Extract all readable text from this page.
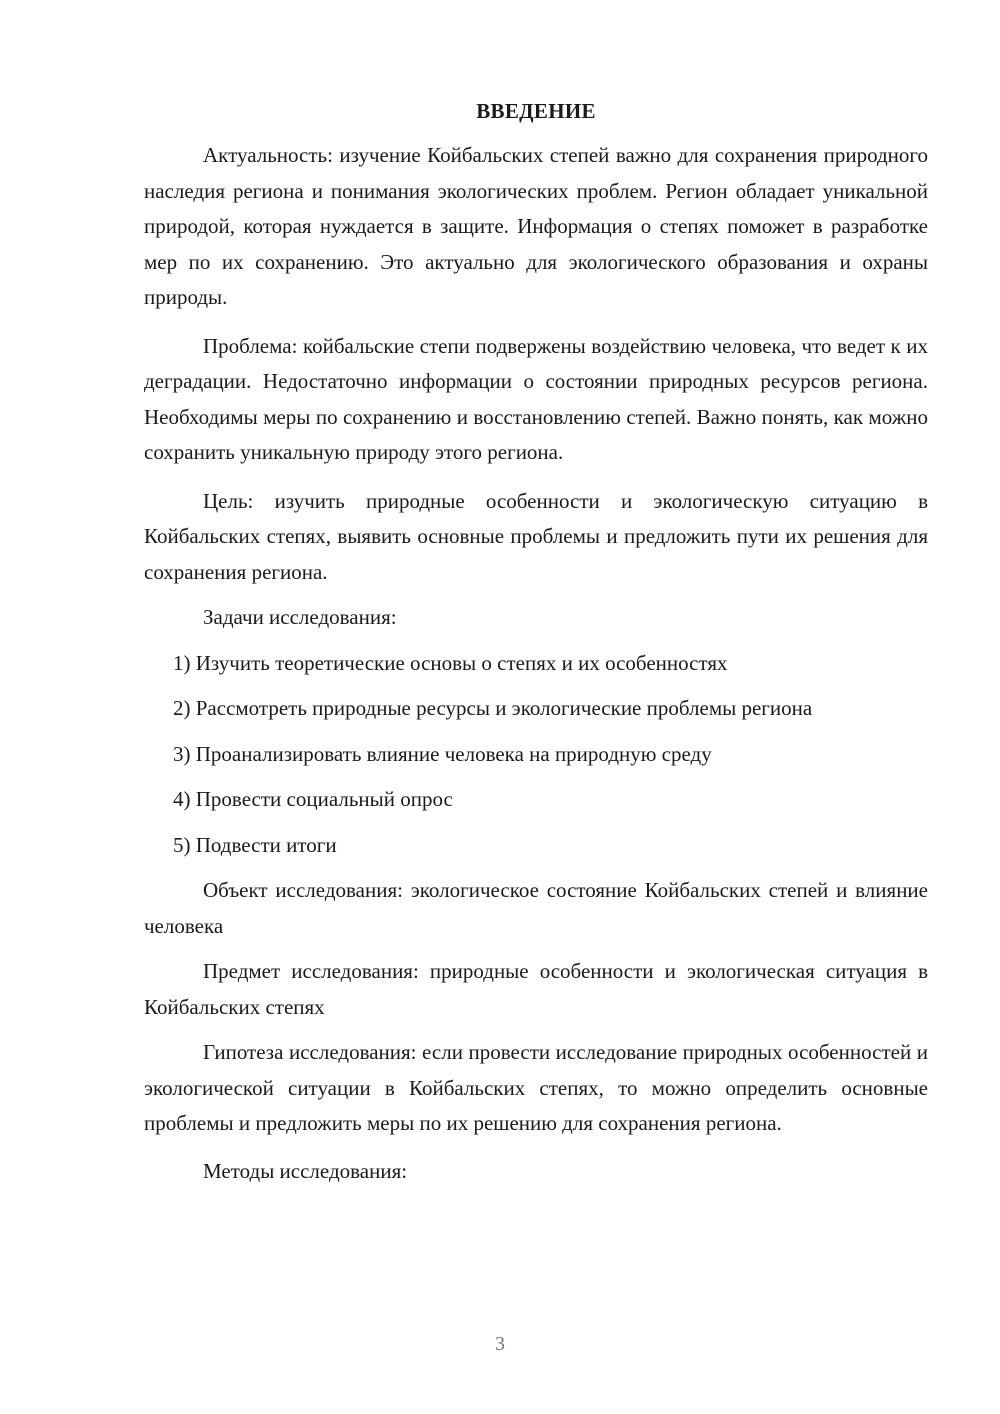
ВВЕДЕНИЕ

Актуальность: изучение Койбальских степей важно для сохранения природного наследия региона и понимания экологических проблем. Регион обладает уникальной природой, которая нуждается в защите. Информация о степях поможет в разработке мер по их сохранению. Это актуально для экологического образования и охраны природы.

Проблема: койбальские степи подвержены воздействию человека, что ведет к их деградации. Недостаточно информации о состоянии природных ресурсов региона. Необходимы меры по сохранению и восстановлению степей. Важно понять, как можно сохранить уникальную природу этого региона.

Цель: изучить природные особенности и экологическую ситуацию в Койбальских степях, выявить основные проблемы и предложить пути их решения для сохранения региона.

Задачи исследования:

1) Изучить теоретические основы о степях и их особенностях

2) Рассмотреть природные ресурсы и экологические проблемы региона

3) Проанализировать влияние человека на природную среду

4) Провести социальный опрос

5) Подвести итоги

Объект исследования: экологическое состояние Койбальских степей и влияние человека

Предмет исследования: природные особенности и экологическая ситуация в Койбальских степях

Гипотеза исследования: если провести исследование природных особенностей и экологической ситуации в Койбальских степях, то можно определить основные проблемы и предложить меры по их решению для сохранения региона.

Методы исследования:

3
